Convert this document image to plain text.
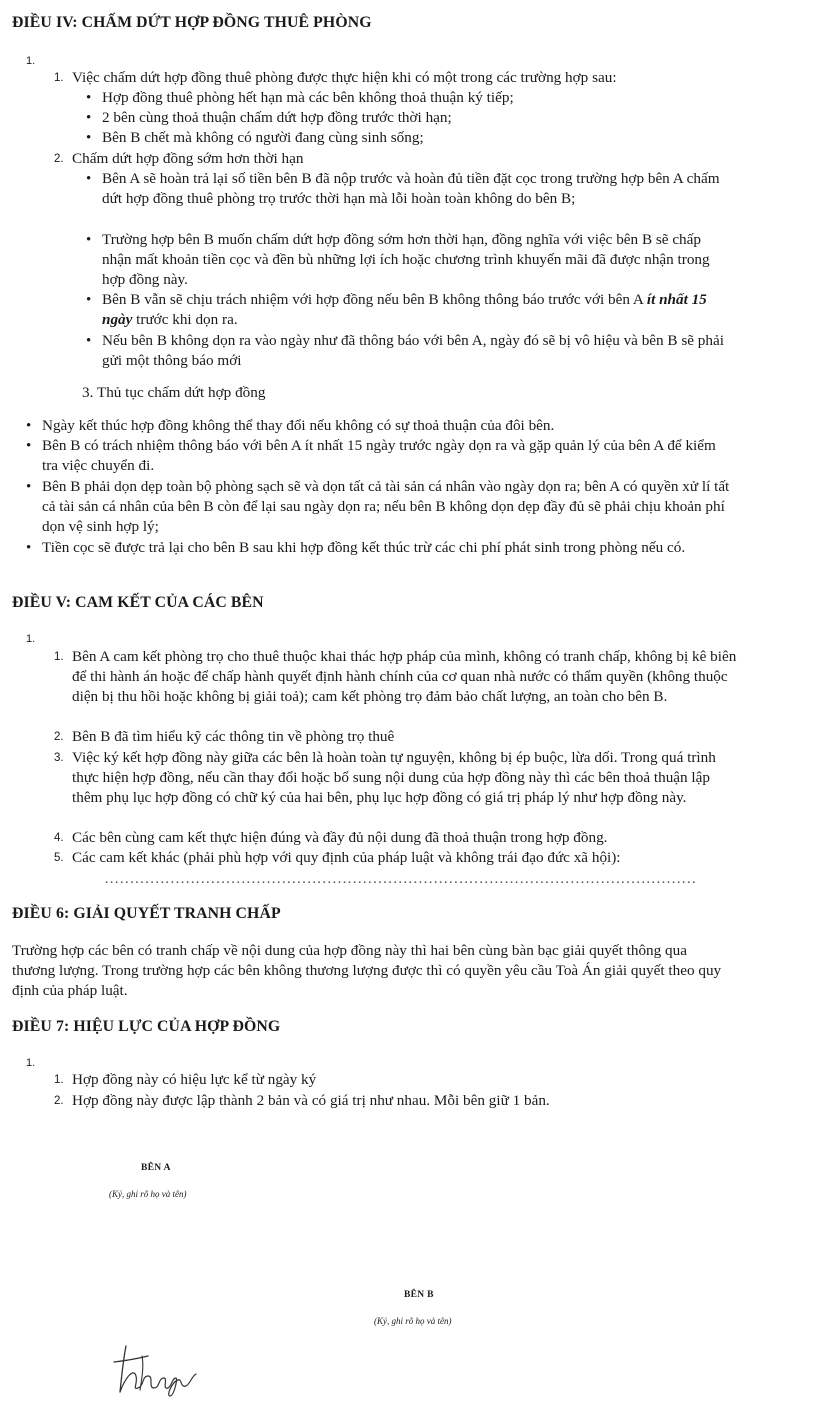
ĐIỀU IV: CHẤM DỨT HỢP ĐỒNG THUÊ PHÒNG
1.
1. Việc chấm dứt hợp đồng thuê phòng được thực hiện khi có một trong các trường hợp sau:
• Hợp đồng thuê phòng hết hạn mà các bên không thoả thuận ký tiếp;
• 2 bên cùng thoả thuận chấm dứt hợp đồng trước thời hạn;
• Bên B chết mà không có người đang cùng sinh sống;
2. Chấm dứt hợp đồng sớm hơn thời hạn
• Bên A sẽ hoàn trả lại số tiền bên B đã nộp trước và hoàn đủ tiền đặt cọc trong trường hợp bên A chấm dứt hợp đồng thuê phòng trọ trước thời hạn mà lỗi hoàn toàn không do bên B;
• Trường hợp bên B muốn chấm dứt hợp đồng sớm hơn thời hạn, đồng nghĩa với việc bên B sẽ chấp nhận mất khoản tiền cọc và đền bù những lợi ích hoặc chương trình khuyến mãi đã được nhận trong hợp đồng này.
• Bên B vẫn sẽ chịu trách nhiệm với hợp đồng nếu bên B không thông báo trước với bên A ít nhất 15 ngày trước khi dọn ra.
• Nếu bên B không dọn ra vào ngày như đã thông báo với bên A, ngày đó sẽ bị vô hiệu và bên B sẽ phải gửi một thông báo mới
3. Thủ tục chấm dứt hợp đồng
• Ngày kết thúc hợp đồng không thể thay đổi nếu không có sự thoả thuận của đôi bên.
• Bên B có trách nhiệm thông báo với bên A ít nhất 15 ngày trước ngày dọn ra và gặp quản lý của bên A để kiểm tra việc chuyển đi.
• Bên B phải dọn dẹp toàn bộ phòng sạch sẽ và dọn tất cả tài sản cá nhân vào ngày dọn ra; bên A có quyền xử lí tất cả tài sản cá nhân của bên B còn để lại sau ngày dọn ra; nếu bên B không dọn dẹp đầy đủ sẽ phải chịu khoản phí dọn vệ sinh hợp lý;
• Tiền cọc sẽ được trả lại cho bên B sau khi hợp đồng kết thúc trừ các chi phí phát sinh trong phòng nếu có.
ĐIỀU V: CAM KẾT CỦA CÁC BÊN
1.
1. Bên A cam kết phòng trọ cho thuê thuộc khai thác hợp pháp của mình, không có tranh chấp, không bị kê biên để thi hành án hoặc để chấp hành quyết định hành chính của cơ quan nhà nước có thẩm quyền (không thuộc diện bị thu hồi hoặc không bị giải toả); cam kết phòng trọ đảm bảo chất lượng, an toàn cho bên B.
2. Bên B đã tìm hiểu kỹ các thông tin về phòng trọ thuê
3. Việc ký kết hợp đồng này giữa các bên là hoàn toàn tự nguyện, không bị ép buộc, lừa dối. Trong quá trình thực hiện hợp đồng, nếu cần thay đổi hoặc bổ sung nội dung của hợp đồng này thì các bên thoả thuận lập thêm phụ lục hợp đồng có chữ ký của hai bên, phụ lục hợp đồng có giá trị pháp lý như hợp đồng này.
4. Các bên cùng cam kết thực hiện đúng và đầy đủ nội dung đã thoả thuận trong hợp đồng.
5. Các cam kết khác (phải phù hợp với quy định của pháp luật và không trái đạo đức xã hội):
………………………………………………………………………………………………………
ĐIỀU 6: GIẢI QUYẾT TRANH CHẤP

Trường hợp các bên có tranh chấp về nội dung của hợp đồng này thì hai bên cùng bàn bạc giải quyết thông qua thương lượng. Trong trường hợp các bên không thương lượng được thì có quyền yêu cầu Toà Án giải quyết theo quy định của pháp luật.

ĐIỀU 7: HIỆU LỰC CỦA HỢP ĐỒNG
1.
1. Hợp đồng này có hiệu lực kể từ ngày ký
2. Hợp đồng này được lập thành 2 bản và có giá trị như nhau. Mỗi bên giữ 1 bản.
BÊN A
(Ký, ghi rõ họ và tên)
BÊN B
(Ký, ghi rõ họ và tên)
